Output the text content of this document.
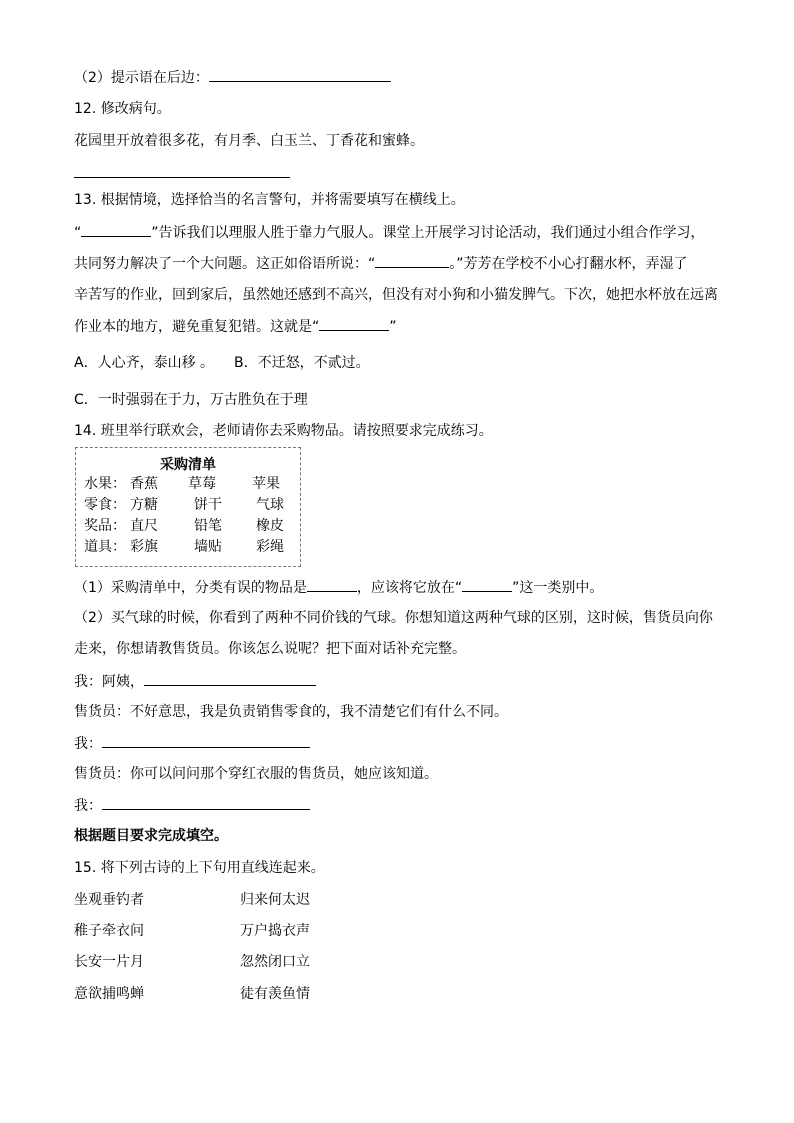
（2）提示语在后边：
12. 修改病句。
花园里开放着很多花，有月季、白玉兰、丁香花和蜜蜂。
13. 根据情境，选择恰当的名言警句，并将需要填写在横线上。
“	”告诉我们以理服人胜于靠力气服人。课堂上开展学习讨论活动，我们通过小组合作学习，
共同努力解决了一个大问题。这正如俗语所说：“	。”芳芳在学校不小心打翻水杯，弄湿了
辛苦写的作业，回到家后，虽然她还感到不高兴，但没有对小狗和小猫发脾气。下次，她把水杯放在远离
作业本的地方，避免重复犯错。这就是“	”
A．人心齐，泰山移 。 B．不迁怒，不贰过。
C．一时强弱在于力，万古胜负在于理
14. 班里举行联欢会，老师请你去采购物品。请按照要求完成练习。
采购清单
水果： 香蕉 草莓	苹果
零食： 方糖	饼干 气球
奖品： 直尺	铅笔 橡皮
道具： 彩旗	墙贴 彩绳
（1）采购清单中，分类有误的物品是	，应该将它放在“	”这一类别中。
（2）买气球的时候，你看到了两种不同价钱的气球。你想知道这两种气球的区别，这时候，售货员向你
走来，你想请教售货员。你该怎么说呢？把下面对话补充完整。
我：阿姨，
售货员：不好意思，我是负责销售零食的，我不清楚它们有什么不同。
我：
售货员：你可以问问那个穿红衣服的售货员，她应该知道。
我：
根据题目要求完成填空。
15. 将下列古诗的上下句用直线连起来。
坐观垂钓者	归来何太迟
稚子牵衣问	万户捣衣声
长安一片月	忽然闭口立
意欲捕鸣蝉	徒有羡鱼情
